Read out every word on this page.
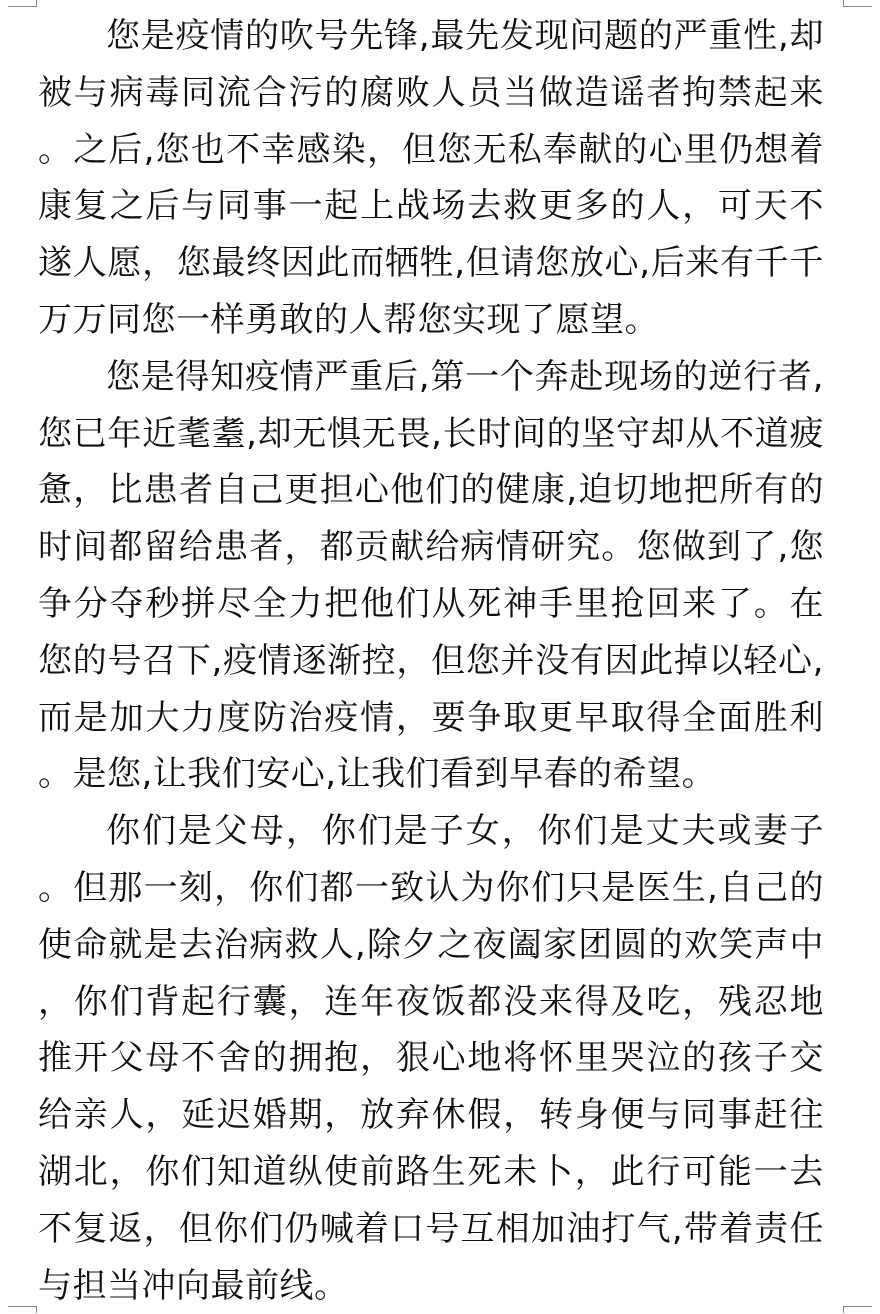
您是疫情的吹号先锋,最先发现问题的严重性,却被与病毒同流合污的腐败人员当做造谣者拘禁起来。之后,您也不幸感染，但您无私奉献的心里仍想着康复之后与同事一起上战场去救更多的人，可天不遂人愿，您最终因此而牺牲,但请您放心,后来有千千万万同您一样勇敢的人帮您实现了愿望。

您是得知疫情严重后,第一个奔赴现场的逆行者,您已年近耄耋,却无惧无畏,长时间的坚守却从不道疲惫，比患者自己更担心他们的健康,迫切地把所有的时间都留给患者，都贡献给病情研究。您做到了,您争分夺秒拼尽全力把他们从死神手里抢回来了。在您的号召下,疫情逐渐控，但您并没有因此掉以轻心,而是加大力度防治疫情，要争取更早取得全面胜利。是您,让我们安心,让我们看到早春的希望。

你们是父母，你们是子女，你们是丈夫或妻子。但那一刻，你们都一致认为你们只是医生,自己的使命就是去治病救人,除夕之夜阖家团圆的欢笑声中，你们背起行囊，连年夜饭都没来得及吃，残忍地推开父母不舍的拥抱，狠心地将怀里哭泣的孩子交给亲人，延迟婚期，放弃休假，转身便与同事赶往湖北，你们知道纵使前路生死未卜，此行可能一去不复返，但你们仍喊着口号互相加油打气,带着责任与担当冲向最前线。
